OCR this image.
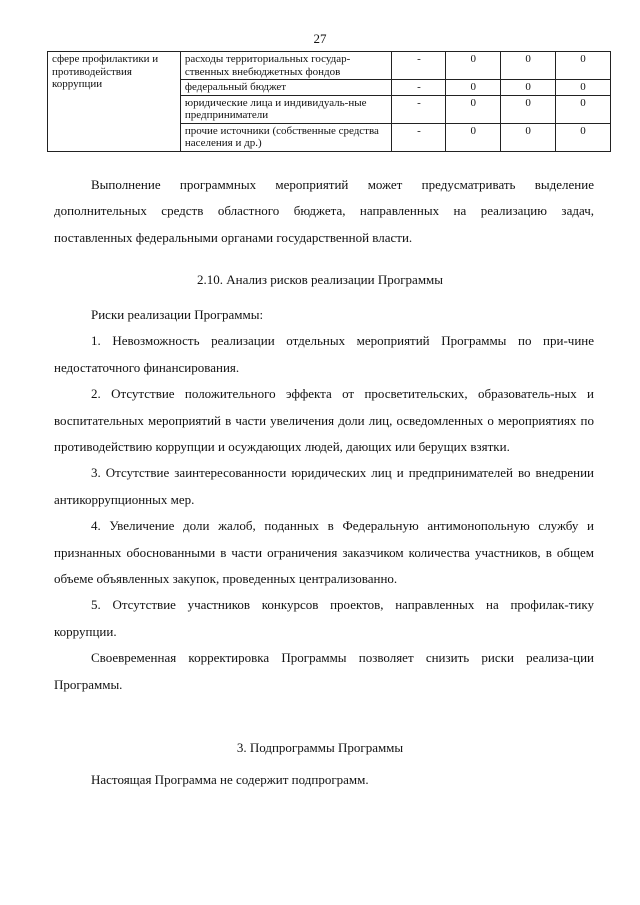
27
сфере профилактики и противодействия коррупции	расходы территориальных государ-ственных внебюджетных фондов	-	0	0	0
	федеральный бюджет	-	0	0	0
	юридические лица и индивидуаль-ные предприниматели	-	0	0	0
	прочие источники (собственные средства населения и др.)	-	0	0	0

Выполнение программных мероприятий может предусматривать выделение дополнительных средств областного бюджета, направленных на реализацию задач, поставленных федеральными органами государственной власти.

2.10. Анализ рисков реализации Программы

Риски реализации Программы:

1. Невозможность реализации отдельных мероприятий Программы по при-чине недостаточного финансирования.

2. Отсутствие положительного эффекта от просветительских, образователь-ных и воспитательных мероприятий в части увеличения доли лиц, осведомленных о мероприятиях по противодействию коррупции и осуждающих людей, дающих или берущих взятки.

3. Отсутствие заинтересованности юридических лиц и предпринимателей во внедрении антикоррупционных мер.

4. Увеличение доли жалоб, поданных в Федеральную антимонопольную службу и признанных обоснованными в части ограничения заказчиком количества участников, в общем объеме объявленных закупок, проведенных централизованно.

5. Отсутствие участников конкурсов проектов, направленных на профилак-тику коррупции.

Своевременная корректировка Программы позволяет снизить риски реализа-ции Программы.

3. Подпрограммы Программы

Настоящая Программа не содержит подпрограмм.
